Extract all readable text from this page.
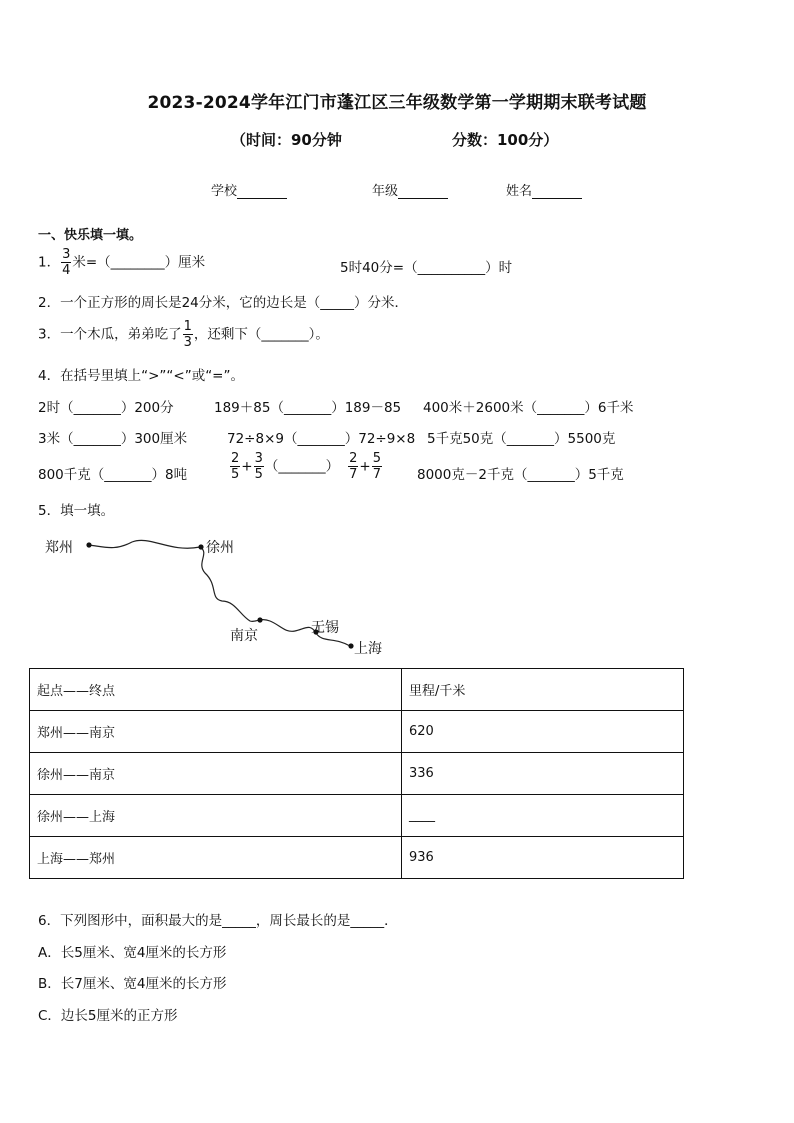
2023-2024学年江门市蓬江区三年级数学第一学期期末联考试题
（时间：90分钟	分数：100分）
学校	年级	姓名
一、快乐填一填。
1． $\frac{3}{4}$ 米=（________）厘米	5时40分=（__________）时
2．一个正方形的周长是24分米，它的边长是（_____）分米．
3．一个木瓜，弟弟吃了 $\frac{1}{3}$ ，还剩下（_______）。
4．在括号里填上“>”“<”或“=”。
2时（_______）200分	189＋85（_______）189－85 400米＋2600米（_______）6千米
3米（_______）300厘米	72÷8×9（_______）72÷9×8 5千克50克（_______）5500克
800千克（_______）8吨	$\frac{2}{5} + \frac{3}{5}$ （_______） $\frac{2}{7} + \frac{5}{7}$	8000克－2千克（_______）5千克
5．填一填。
郑州	徐州
南京	无锡
上海
起点——终点	里程/千米
郑州——南京	620
徐州——南京	336
徐州——上海	____
上海——郑州	936
6．下列图形中，面积最大的是_____，周长最长的是_____．
A．长5厘米、宽4厘米的长方形
B．长7厘米、宽4厘米的长方形
C．边长5厘米的正方形
